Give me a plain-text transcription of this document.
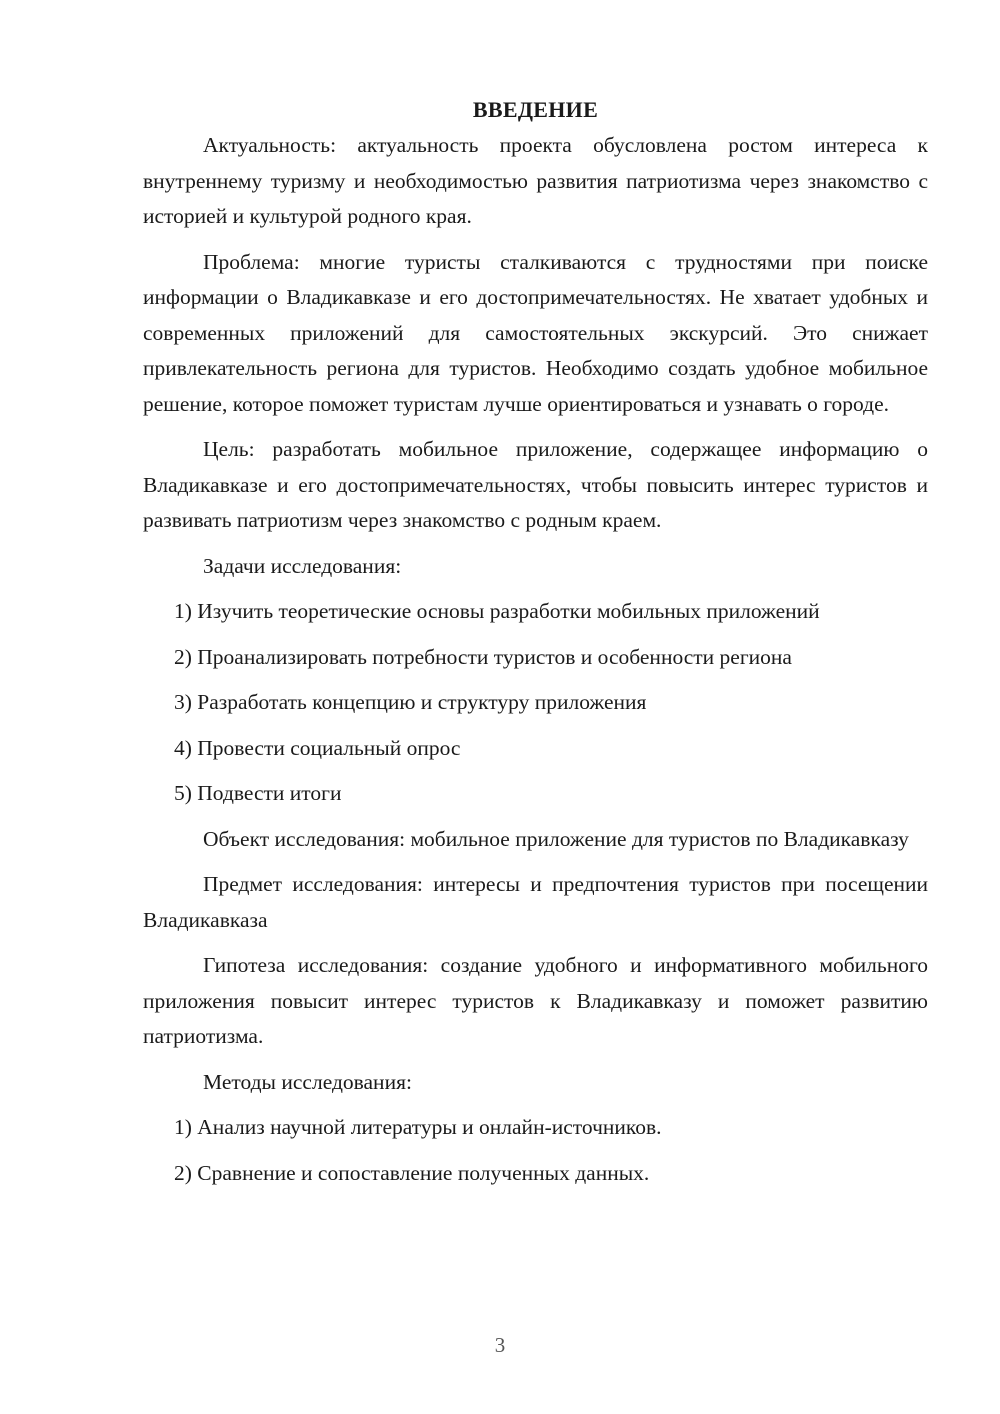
ВВЕДЕНИЕ

Актуальность: актуальность проекта обусловлена ростом интереса к внутреннему туризму и необходимостью развития патриотизма через знакомство с историей и культурой родного края.

Проблема: многие туристы сталкиваются с трудностями при поиске информации о Владикавказе и его достопримечательностях. Не хватает удобных и современных приложений для самостоятельных экскурсий. Это снижает привлекательность региона для туристов. Необходимо создать удобное мобильное решение, которое поможет туристам лучше ориентироваться и узнавать о городе.

Цель: разработать мобильное приложение, содержащее информацию о Владикавказе и его достопримечательностях, чтобы повысить интерес туристов и развивать патриотизм через знакомство с родным краем.

Задачи исследования:
1) Изучить теоретические основы разработки мобильных приложений
2) Проанализировать потребности туристов и особенности региона
3) Разработать концепцию и структуру приложения
4) Провести социальный опрос
5) Подвести итоги

Объект исследования: мобильное приложение для туристов по Владикавказу

Предмет исследования: интересы и предпочтения туристов при посещении Владикавказа

Гипотеза исследования: создание удобного и информативного мобильного приложения повысит интерес туристов к Владикавказу и поможет развитию патриотизма.

Методы исследования:
1) Анализ научной литературы и онлайн-источников.
2) Сравнение и сопоставление полученных данных.
3
